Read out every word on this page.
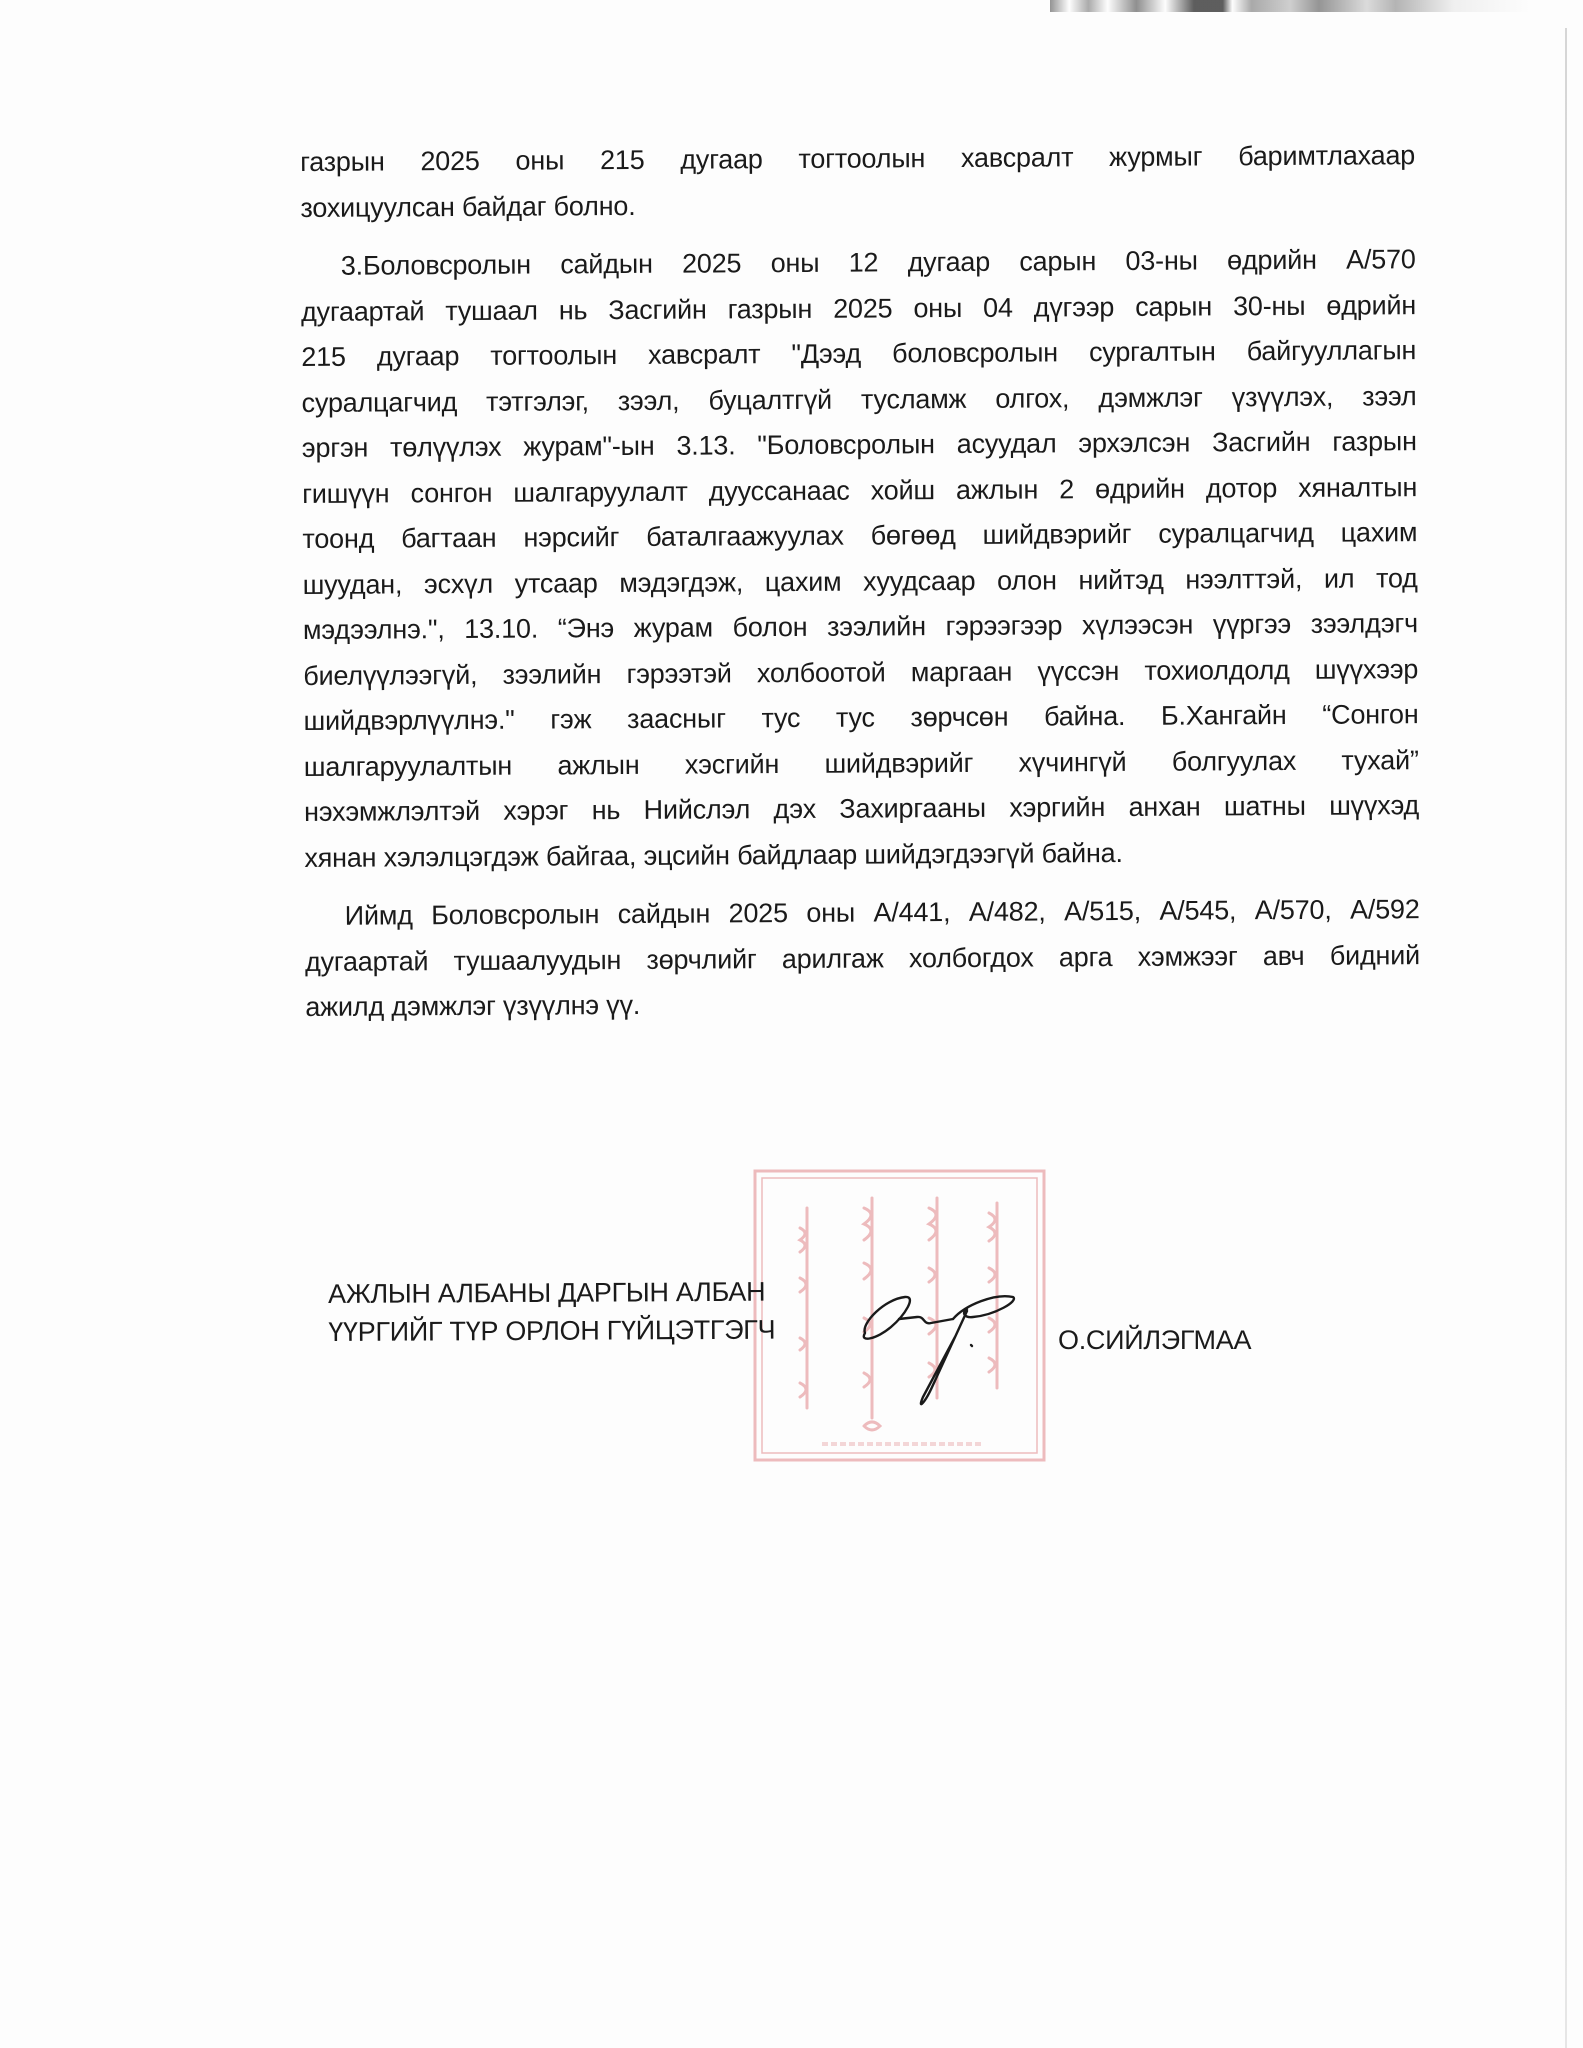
газрын 2025 оны 215 дугаар тогтоолын хавсралт журмыг баримтлахаар
зохицуулсан байдаг болно.
3.Боловсролын сайдын 2025 оны 12 дугаар сарын 03-ны өдрийн А/570
дугаартай тушаал нь Засгийн газрын 2025 оны 04 дүгээр сарын 30-ны өдрийн
215 дугаар тогтоолын хавсралт "Дээд боловсролын сургалтын байгууллагын
суралцагчид тэтгэлэг, зээл, буцалтгүй тусламж олгох, дэмжлэг үзүүлэх, зээл
эргэн төлүүлэх журам"-ын 3.13. "Боловсролын асуудал эрхэлсэн Засгийн газрын
гишүүн сонгон шалгаруулалт дууссанаас хойш ажлын 2 өдрийн дотор хяналтын
тоонд багтаан нэрсийг баталгаажуулах бөгөөд шийдвэрийг суралцагчид цахим
шуудан, эсхүл утсаар мэдэгдэж, цахим хуудсаар олон нийтэд нээлттэй, ил тод
мэдээлнэ.", 13.10. “Энэ журам болон зээлийн гэрээгээр хүлээсэн үүргээ зээлдэгч
биелүүлээгүй, зээлийн гэрээтэй холбоотой маргаан үүссэн тохиолдолд шүүхээр
шийдвэрлүүлнэ." гэж заасныг тус тус зөрчсөн байна. Б.Хангайн “Сонгон
шалгаруулалтын ажлын хэсгийн шийдвэрийг хүчингүй болгуулах тухай”
нэхэмжлэлтэй хэрэг нь Нийслэл дэх Захиргааны хэргийн анхан шатны шүүхэд
хянан хэлэлцэгдэж байгаа, эцсийн байдлаар шийдэгдээгүй байна.
Иймд Боловсролын сайдын 2025 оны А/441, А/482, А/515, А/545, А/570, А/592
дугаартай тушаалуудын зөрчлийг арилгаж холбогдох арга хэмжээг авч бидний
ажилд дэмжлэг үзүүлнэ үү.
АЖЛЫН АЛБАНЫ ДАРГЫН АЛБАН
ҮҮРГИЙГ ТҮР ОРЛОН ГҮЙЦЭТГЭГЧ	О.СИЙЛЭГМАА
